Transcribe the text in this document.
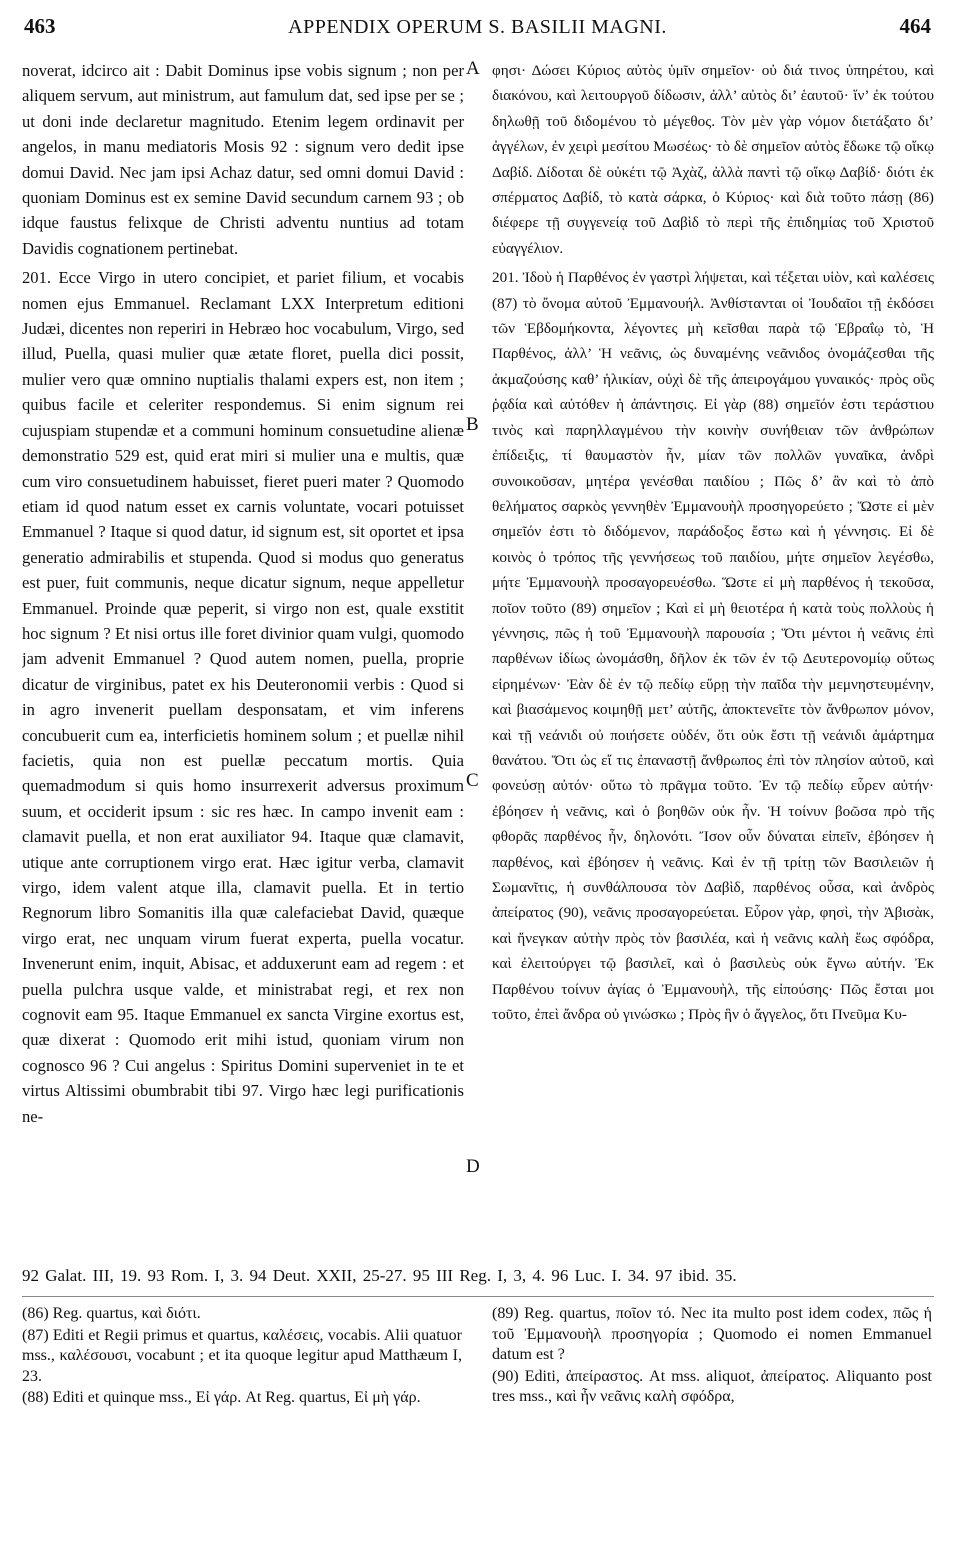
463	APPENDIX OPERUM S. BASILII MAGNI.	464

noverat, idcirco ait : Dabit Dominus ipse vobis signum ; non per aliquem servum, aut ministrum, aut famulum dat, sed ipse per se ; ut doni inde declaretur magnitudo. Etenim legem ordinavit per angelos, in manu mediatoris Mosis 92 : signum vero dedit ipse domui David. Nec jam ipsi Achaz datur, sed omni domui David : quoniam Dominus est ex semine David secundum carnem 93 ; ob idque faustus felixque de Christi adventu nuntius ad totam Davidis cognationem pertinebat.

201. Ecce Virgo in utero concipiet, et pariet filium, et vocabis nomen ejus Emmanuel. Reclamant LXX Interpretum editioni Judæi, dicentes non reperiri in Hebræo hoc vocabulum, Virgo, sed illud, Puella, quasi mulier quæ ætate floret, puella dici possit, mulier vero quæ omnino nuptialis thalami expers est, non item ; quibus facile et celeriter respondemus. Si enim signum rei cujuspiam stupendæ et a communi hominum consuetudine alienæ demonstratio 529 est, quid erat miri si mulier una e multis, quæ cum viro consuetudinem habuisset, fieret pueri mater ? Quomodo etiam id quod natum esset ex carnis voluntate, vocari potuisset Emmanuel ? Itaque si quod datur, id signum est, sit oportet et ipsa generatio admirabilis et stupenda. Quod si modus quo generatus est puer, fuit communis, neque dicatur signum, neque appelletur Emmanuel. Proinde quæ peperit, si virgo non est, quale exstitit hoc signum ? Et nisi ortus ille foret divinior quam vulgi, quomodo jam advenit Emmanuel ? Quod autem nomen, puella, proprie dicatur de virginibus, patet ex his Deuteronomii verbis : Quod si in agro invenerit puellam desponsatam, et vim inferens concubuerit cum ea, interficietis hominem solum ; et puellæ nihil facietis, quia non est puellæ peccatum mortis. Quia quemadmodum si quis homo insurrexerit adversus proximum suum, et occiderit ipsum : sic res hæc. In campo invenit eam : clamavit puella, et non erat auxiliator 94. Itaque quæ clamavit, utique ante corruptionem virgo erat. Hæc igitur verba, clamavit virgo, idem valent atque illa, clamavit puella. Et in tertio Regnorum libro Somanitis illa quæ calefaciebat David, quæque virgo erat, nec unquam virum fuerat experta, puella vocatur. Invenerunt enim, inquit, Abisac, et adduxerunt eam ad regem : et puella pulchra usque valde, et ministrabat regi, et rex non cognovit eam 95. Itaque Emmanuel ex sancta Virgine exortus est, quæ dixerat : Quomodo erit mihi istud, quoniam virum non cognosco 96 ? Cui angelus : Spiritus Domini superveniet in te et virtus Altissimi obumbrabit tibi 97. Virgo hæc legi purificationis ne-

A
B
C
D

φησι· Δώσει Κύριος αὐτὸς ὑμῖν σημεῖον· οὐ διά τινος ὑπηρέτου, καὶ διακόνου, καὶ λειτουργοῦ δίδωσιν, ἀλλ’ αὐτὸς δι’ ἑαυτοῦ· ἵν’ ἐκ τούτου δηλωθῇ τοῦ διδομένου τὸ μέγεθος. Τὸν μὲν γὰρ νόμον διετάξατο δι’ ἀγγέλων, ἐν χειρὶ μεσίτου Μωσέως· τὸ δὲ σημεῖον αὐτὸς ἔδωκε τῷ οἴκῳ Δαβίδ. Δίδοται δὲ οὐκέτι τῷ Ἀχὰζ, ἀλλὰ παντὶ τῷ οἴκῳ Δαβίδ· διότι ἐκ σπέρματος Δαβίδ, τὸ κατὰ σάρκα, ὁ Κύριος· καὶ διὰ τοῦτο πάσῃ (86) διέφερε τῇ συγγενείᾳ τοῦ Δαβὶδ τὸ περὶ τῆς ἐπιδημίας τοῦ Χριστοῦ εὐαγγέλιον.

201. Ἰδοὺ ἡ Παρθένος ἐν γαστρὶ λήψεται, καὶ τέξεται υἱὸν, καὶ καλέσεις (87) τὸ ὄνομα αὐτοῦ Ἐμμανουήλ. Ἀνθίστανται οἱ Ἰουδαῖοι τῇ ἐκδόσει τῶν Ἑβδομήκοντα, λέγοντες μὴ κεῖσθαι παρὰ τῷ Ἑβραΐῳ τὸ, Ἡ Παρθένος, ἀλλ’ Ἡ νεᾶνις, ὡς δυναμένης νεᾶνιδος ὀνομάζεσθαι τῆς ἀκμαζούσης καθ’ ἡλικίαν, οὐχὶ δὲ τῆς ἀπειρογάμου γυναικός· πρὸς οὓς ῥᾳδία καὶ αὐτόθεν ἡ ἀπάντησις. Εἰ γὰρ (88) σημεῖόν ἐστι τεράστιου τινὸς καὶ παρηλλαγμένου τὴν κοινὴν συνήθειαν τῶν ἀνθρώπων ἐπίδειξις, τί θαυμαστὸν ἦν, μίαν τῶν πολλῶν γυναῖκα, ἀνδρὶ συνοικοῦσαν, μητέρα γενέσθαι παιδίου ; Πῶς δ’ ἂν καὶ τὸ ἀπὸ θελήματος σαρκὸς γεννηθὲν Ἐμμανουὴλ προσηγορεύετο ; Ὥστε εἰ μὲν σημεῖόν ἐστι τὸ διδόμενον, παράδοξος ἔστω καὶ ἡ γέννησις. Εἰ δὲ κοινὸς ὁ τρόπος τῆς γεννήσεως τοῦ παιδίου, μήτε σημεῖον λεγέσθω, μήτε Ἐμμανουὴλ προσαγορευέσθω. Ὥστε εἰ μὴ παρθένος ἡ τεκοῦσα, ποῖον τοῦτο (89) σημεῖον ; Καὶ εἰ μὴ θειοτέρα ἡ κατὰ τοὺς πολλοὺς ἡ γέννησις, πῶς ἡ τοῦ Ἐμμανουὴλ παρουσία ; Ὅτι μέντοι ἡ νεᾶνις ἐπὶ παρθένων ἰδίως ὠνομάσθη, δῆλον ἐκ τῶν ἐν τῷ Δευτερονομίῳ οὕτως εἰρημένων· Ἐὰν δὲ ἐν τῷ πεδίῳ εὕρῃ τὴν παῖδα τὴν μεμνηστευμένην, καὶ βιασάμενος κοιμηθῇ μετ’ αὐτῆς, ἀποκτενεῖτε τὸν ἄνθρωπον μόνον, καὶ τῇ νεάνιδι οὐ ποιήσετε οὐδέν, ὅτι οὐκ ἔστι τῇ νεάνιδι ἁμάρτημα θανάτου. Ὅτι ὡς εἴ τις ἐπαναστῇ ἄνθρωπος ἐπὶ τὸν πλησίον αὐτοῦ, καὶ φονεύσῃ αὐτόν· οὕτω τὸ πρᾶγμα τοῦτο. Ἐν τῷ πεδίῳ εὗρεν αὐτήν· ἐβόησεν ἡ νεᾶνις, καὶ ὁ βοηθῶν οὐκ ἦν. Ἡ τοίνυν βοῶσα πρὸ τῆς φθορᾶς παρθένος ἦν, δηλονότι. Ἴσον οὖν δύναται εἰπεῖν, ἐβόησεν ἡ παρθένος, καὶ ἐβόησεν ἡ νεᾶνις. Καὶ ἐν τῇ τρίτῃ τῶν Βασιλειῶν ἡ Σωμανῖτις, ἡ συνθάλπουσα τὸν Δαβὶδ, παρθένος οὖσα, καὶ ἀνδρὸς ἀπείρατος (90), νεᾶνις προσαγορεύεται. Εὗρον γὰρ, φησὶ, τὴν Ἀβισὰκ, καὶ ἤνεγκαν αὐτὴν πρὸς τὸν βασιλέα, καὶ ἡ νεᾶνις καλὴ ἕως σφόδρα, καὶ ἐλειτούργει τῷ βασιλεῖ, καὶ ὁ βασιλεὺς οὐκ ἔγνω αὐτήν. Ἐκ Παρθένου τοίνυν ἁγίας ὁ Ἐμμανουὴλ, τῆς εἰπούσης· Πῶς ἔσται μοι τοῦτο, ἐπεὶ ἄνδρα οὐ γινώσκω ; Πρὸς ἣν ὁ ἄγγελος, ὅτι Πνεῦμα Κυ-

92 Galat. III, 19. 93 Rom. I, 3. 94 Deut. XXII, 25-27. 95 III Reg. I, 3, 4. 96 Luc. I. 34. 97 ibid. 35.

(86) Reg. quartus, καὶ διότι.

(87) Editi et Regii primus et quartus, καλέσεις, vocabis. Alii quatuor mss., καλέσουσι, vocabunt ; et ita quoque legitur apud Matthæum I, 23.

(88) Editi et quinque mss., Εἰ γάρ. At Reg. quartus, Εἰ μὴ γάρ.

(89) Reg. quartus, ποῖον τό. Nec ita multo post idem codex, πῶς ἡ τοῦ Ἐμμανουὴλ προσηγορία ; Quomodo ei nomen Emmanuel datum est ?

(90) Editi, ἀπείραστος. At mss. aliquot, ἀπείρατος. Aliquanto post tres mss., καὶ ἦν νεᾶνις καλὴ σφόδρα,
